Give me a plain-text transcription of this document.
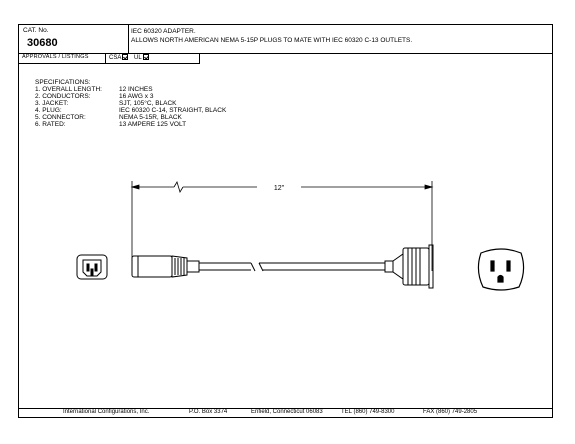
CAT. No.
30680
IEC 60320 ADAPTER.
ALLOWS NORTH AMERICAN NEMA 5-15P PLUGS TO MATE WITH IEC 60320 C-13 OUTLETS.
APPROVALS / LISTINGS	CSA	UL
SPECIFICATIONS:
1. OVERALL LENGTH:	12 INCHES
2. CONDUCTORS:	16 AWG x 3
3. JACKET:	SJT, 105°C, BLACK
4. PLUG:	IEC 60320 C-14, STRAIGHT, BLACK
5. CONNECTOR:	NEMA 5-15R, BLACK
6. RATED:	13 AMPERE 125 VOLT
12"
International Configurations, Inc.	P.O. Box 3374	Enfield, Connecticut 06083	TEL (860) 749-8300	FAX (860) 749-2805
